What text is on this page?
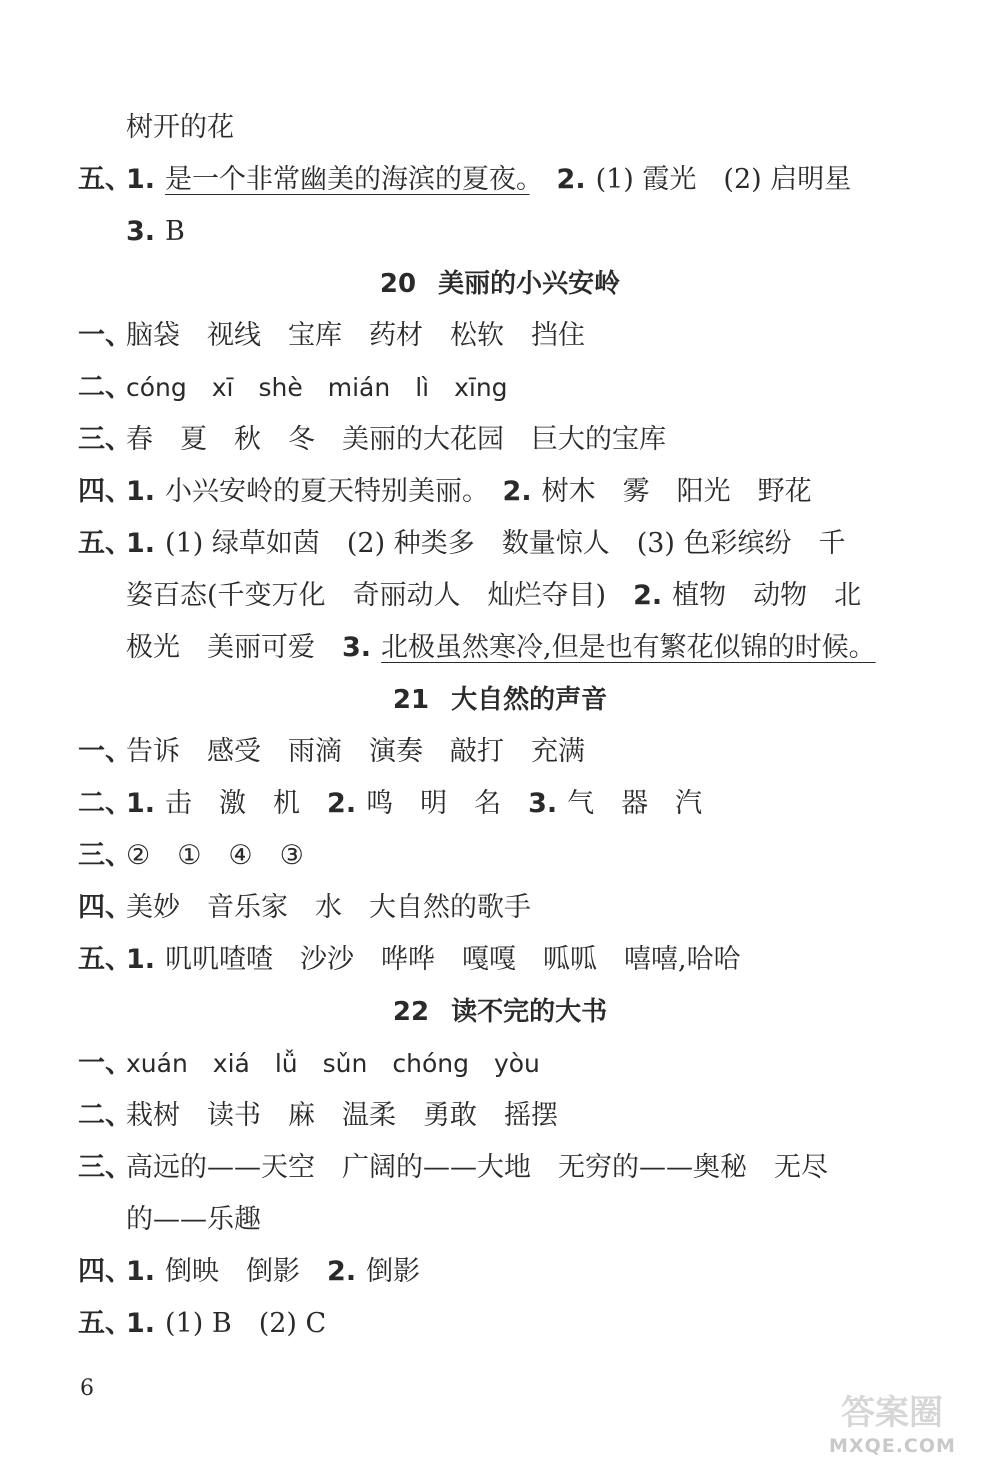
树开的花
五、
1. 是一个非常幽美的海滨的夏夜。　 2. (1) 霞光　(2) 启明星
3. B
20 美丽的小兴安岭
一、
脑袋　视线　宝库　药材　松软　挡住
二、
cóng　xī　shè　mián　lì　xīng
三、
春　夏　秋　冬　美丽的大花园　巨大的宝库
四、
1. 小兴安岭的夏天特别美丽。　2. 树木　雾　阳光　野花
五、
1. (1) 绿草如茵　(2) 种类多　数量惊人　(3) 色彩缤纷　千
姿百态(千变万化　奇丽动人　灿烂夺目)　2. 植物　动物　北
极光　美丽可爱　3. 北极虽然寒冷,但是也有繁花似锦的时候。
21 大自然的声音
一、
告诉　感受　雨滴　演奏　敲打　充满
二、
1. 击　激　机　2. 鸣　明　名　3. 气　器　汽
三、
②　①　④　③
四、
美妙　音乐家　水　大自然的歌手
五、
1. 叽叽喳喳　沙沙　哗哗　嘎嘎　呱呱　嘻嘻,哈哈
22 读不完的大书
一、
xuán　xiá　lǚ　sǔn　chóng　yòu
二、
栽树　读书　麻　温柔　勇敢　摇摆
三、
高远的——天空　广阔的——大地　无穷的——奥秘　无尽
的——乐趣
四、
1. 倒映　倒影　2. 倒影
五、
1. (1) B　(2) C
6
答案圈
MXQE.COM
